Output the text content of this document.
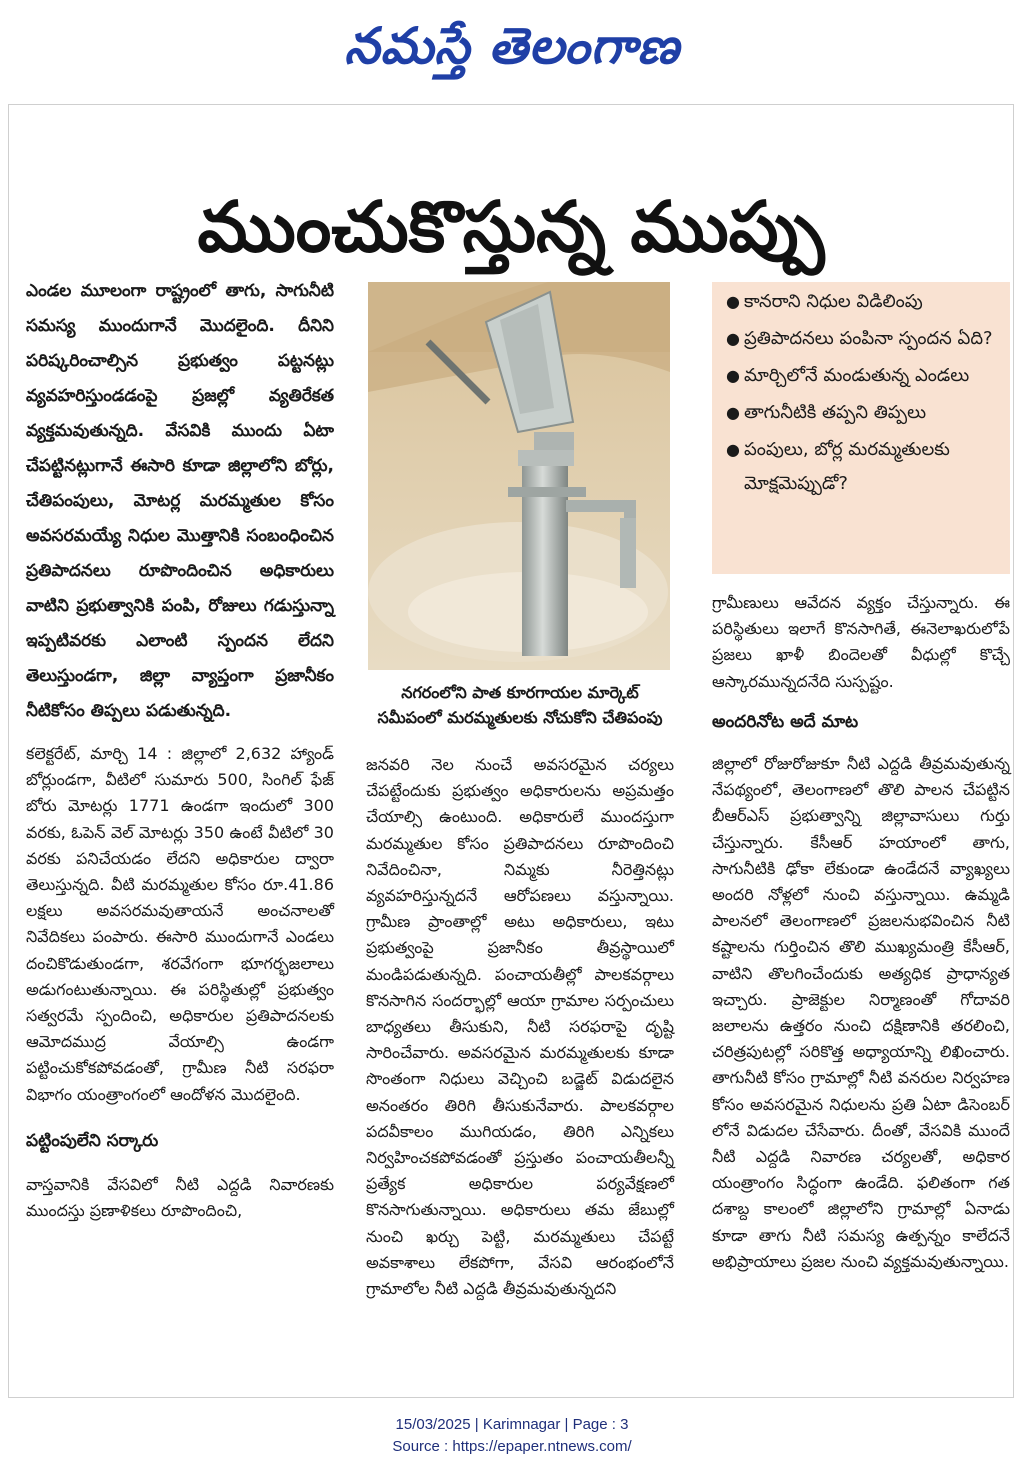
నమస్తే తెలంగాణ
ముంచుకొస్తున్న ముప్పు

ఎండల మూలంగా రాష్ట్రంలో తాగు, సాగునీటి సమస్య ముందుగానే మొదలైంది. దీనిని పరిష్కరించాల్సిన ప్రభుత్వం పట్టనట్లు వ్యవహరిస్తుండడంపై ప్రజల్లో వ్యతిరేకత వ్యక్తమవుతున్నది. వేసవికి ముందు ఏటా చేపట్టినట్లుగానే ఈసారి కూడా జిల్లాలోని బోర్లు, చేతిపంపులు, మోటర్ల మరమ్మతుల కోసం అవసరమయ్యే నిధుల మొత్తానికి సంబంధించిన ప్రతిపాదనలు రూపొందించిన అధికారులు వాటిని ప్రభుత్వానికి పంపి, రోజులు గడుస్తున్నా ఇప్పటివరకు ఎలాంటి స్పందన లేదని తెలుస్తుండగా, జిల్లా వ్యాప్తంగా ప్రజానీకం నీటికోసం తిప్పలు పడుతున్నది.

కలెక్టరేట్, మార్చి 14 : జిల్లాలో 2,632 హ్యాండ్ బోర్లుండగా, వీటిలో సుమారు 500, సింగిల్ ఫేజ్ బోరు మోటర్లు 1771 ఉండగా ఇందులో 300 వరకు, ఓపెన్ వెల్ మోటర్లు 350 ఉంటే వీటిలో 30 వరకు పనిచేయడం లేదని అధికారుల ద్వారా తెలుస్తున్నది. వీటి మరమ్మతుల కోసం రూ.41.86 లక్షలు అవసరమవుతాయనే అంచనాలతో నివేదికలు పంపారు. ఈసారి ముందుగానే ఎండలు దంచికొడుతుండగా, శరవేగంగా భూగర్భజలాలు అడుగంటుతున్నాయి. ఈ పరిస్థితుల్లో ప్రభుత్వం సత్వరమే స్పందించి, అధికారుల ప్రతిపాదనలకు ఆమోదముద్ర వేయాల్సి ఉండగా పట్టించుకోకపోవడంతో, గ్రామీణ నీటి సరఫరా విభాగం యంత్రాంగంలో ఆందోళన మొదలైంది.

పట్టింపులేని సర్కారు

వాస్తవానికి వేసవిలో నీటి ఎద్దడి నివారణకు ముందస్తు ప్రణాళికలు రూపొందించి,

నగరంలోని పాత కూరగాయల మార్కెట్ సమీపంలో మరమ్మతులకు నోచుకోని చేతిపంపు
● కానరాని నిధుల విడిలింపు
● ప్రతిపాదనలు పంపినా స్పందన ఏది?
● మార్చిలోనే మండుతున్న ఎండలు
● తాగునీటికి తప్పని తిప్పలు
● పంపులు, బోర్ల మరమ్మతులకు మోక్షమెప్పుడో?

జనవరి నెల నుంచే అవసరమైన చర్యలు చేపట్టేందుకు ప్రభుత్వం అధికారులను అప్రమత్తం చేయాల్సి ఉంటుంది. అధికారులే ముందస్తుగా మరమ్మతుల కోసం ప్రతిపాదనలు రూపొందించి నివేదించినా, నిమ్మకు నీరెత్తినట్లు వ్యవహరిస్తున్నదనే ఆరోపణలు వస్తున్నాయి. గ్రామీణ ప్రాంతాల్లో అటు అధికారులు, ఇటు ప్రభుత్వంపై ప్రజానీకం తీవ్రస్థాయిలో మండిపడుతున్నది. పంచాయతీల్లో పాలకవర్గాలు కొనసాగిన సందర్భాల్లో ఆయా గ్రామాల సర్పంచులు బాధ్యతలు తీసుకుని, నీటి సరఫరాపై దృష్టి సారించేవారు. అవసరమైన మరమ్మతులకు కూడా సొంతంగా నిధులు వెచ్చించి బడ్జెట్ విడుదలైన అనంతరం తిరిగి తీసుకునేవారు. పాలకవర్గాల పదవీకాలం ముగియడం, తిరిగి ఎన్నికలు నిర్వహించకపోవడంతో ప్రస్తుతం పంచాయతీలన్నీ ప్రత్యేక అధికారుల పర్యవేక్షణలో కొనసాగుతున్నాయి. అధికారులు తమ జేబుల్లో నుంచి ఖర్చు పెట్టి, మరమ్మతులు చేపట్టే అవకాశాలు లేకపోగా, వేసవి ఆరంభంలోనే గ్రామాలోల నీటి ఎద్దడి తీవ్రమవుతున్నదని

గ్రామీణులు ఆవేదన వ్యక్తం చేస్తున్నారు. ఈ పరిస్థితులు ఇలాగే కొనసాగితే, ఈనెలాఖరులోపే ప్రజలు ఖాళీ బిందెలతో వీధుల్లో కొచ్చే ఆస్కారమున్నదనేది సుస్పష్టం.

అందరినోట అదే మాట

జిల్లాలో రోజురోజుకూ నీటి ఎద్దడి తీవ్రమవుతున్న నేపథ్యంలో, తెలంగాణలో తొలి పాలన చేపట్టిన బీఆర్ఎస్ ప్రభుత్వాన్ని జిల్లావాసులు గుర్తు చేస్తున్నారు. కేసీఆర్ హయాంలో తాగు, సాగునీటికి ఢోకా లేకుండా ఉండేదనే వ్యాఖ్యలు అందరి నోళ్లలో నుంచి వస్తున్నాయి. ఉమ్మడి పాలనలో తెలంగాణలో ప్రజలనుభవించిన నీటి కష్టాలను గుర్తించిన తొలి ముఖ్యమంత్రి కేసీఆర్, వాటిని తొలగించేందుకు అత్యధిక ప్రాధాన్యత ఇచ్చారు. ప్రాజెక్టుల నిర్మాణంతో గోదావరి జలాలను ఉత్తరం నుంచి దక్షిణానికి తరలించి, చరిత్రపుటల్లో సరికొత్త అధ్యాయాన్ని లిఖించారు. తాగునీటి కోసం గ్రామాల్లో నీటి వనరుల నిర్వహణ కోసం అవసరమైన నిధులను ప్రతి ఏటా డిసెంబర్ లోనే విడుదల చేసేవారు. దీంతో, వేసవికి ముందే నీటి ఎద్దడి నివారణ చర్యలతో, అధికార యంత్రాంగం సిద్ధంగా ఉండేది. ఫలితంగా గత దశాబ్ద కాలంలో జిల్లాలోని గ్రామాల్లో ఏనాడు కూడా తాగు నీటి సమస్య ఉత్పన్నం కాలేదనే అభిప్రాయాలు ప్రజల నుంచి వ్యక్తమవుతున్నాయి.

15/03/2025 | Karimnagar | Page : 3
Source : https://epaper.ntnews.com/
